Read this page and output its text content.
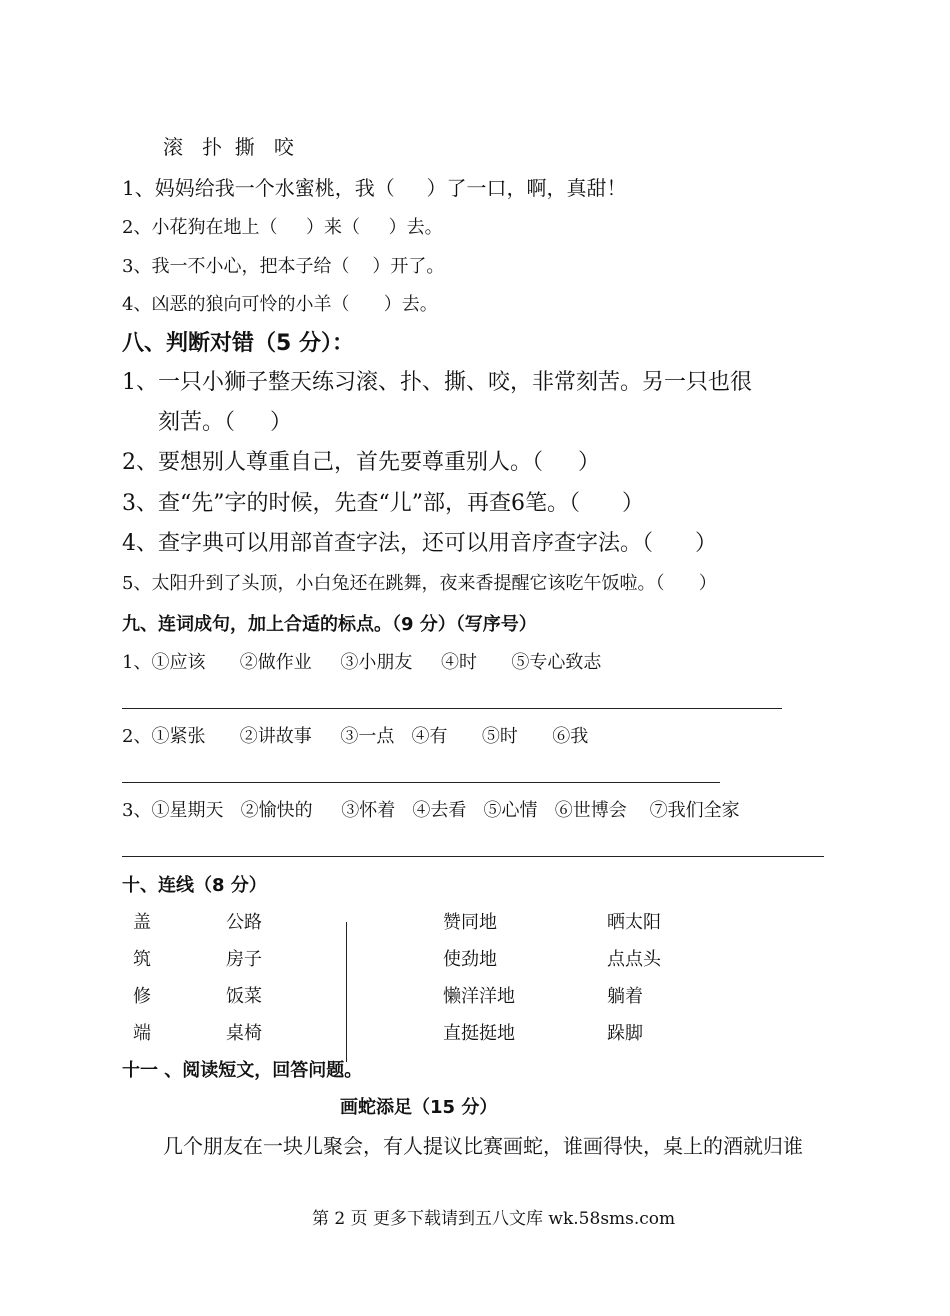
滚   扑  撕   咬
1、妈妈给我一个水蜜桃，我（     ）了一口，啊，真甜！
2、小花狗在地上（     ）来（     ）去。
3、我一不小心，把本子给（    ）开了。
4、凶恶的狼向可怜的小羊（      ）去。
八、判断对错（5 分）：
1、一只小狮子整天练习滚、扑、撕、咬，非常刻苦。另一只也很
刻苦。（     ）
2、要想别人尊重自己，首先要尊重别人。（     ）
3、查“先”字的时候，先查“儿”部，再查6笔。（      ）
4、查字典可以用部首查字法，还可以用音序查字法。（      ）
5、太阳升到了头顶，小白兔还在跳舞，夜来香提醒它该吃午饭啦。（      ）
九、连词成句，加上合适的标点。（9 分）（写序号）
1、①应该      ②做作业     ③小朋友     ④时      ⑤专心致志
2、①紧张      ②讲故事     ③一点   ④有      ⑤时      ⑥我
3、①星期天   ②愉快的     ③怀着   ④去看   ⑤心情   ⑥世博会    ⑦我们全家
十、连线（8 分）
盖
筑
修
端
公路
房子
饭菜
桌椅
赞同地
使劲地
懒洋洋地
直挺挺地
晒太阳
点点头
躺着
跺脚
十一 、阅读短文，回答问题。
画蛇添足（15 分）
几个朋友在一块儿聚会，有人提议比赛画蛇，谁画得快，桌上的酒就归谁
第 2 页 更多下载请到五八文库 wk.58sms.com
